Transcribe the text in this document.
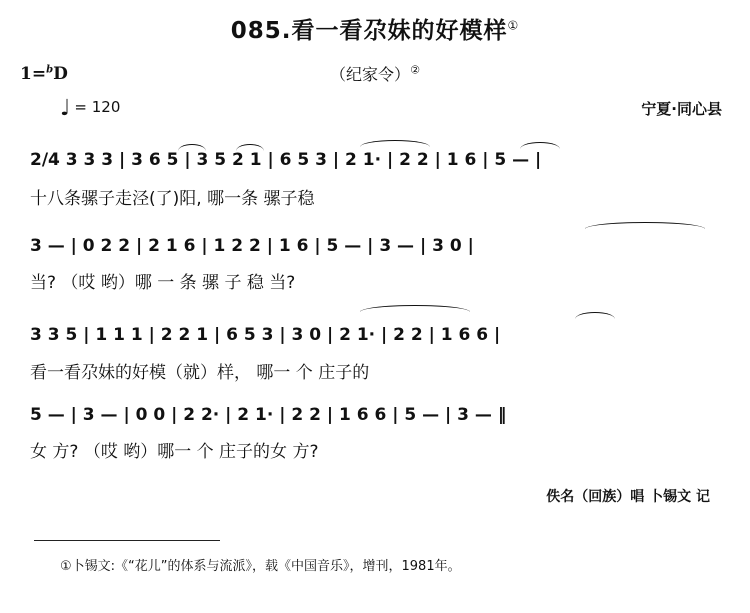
085.看一看尕妹的好模样①
（纪家令）②
1=$^b$D
♩ = 120	宁夏·同心县
2/4 3 3 3 | 3 6 5 | 3 5 2 1 | 6 5 3 | 2 1· | 2 2 | 1 6 | 5 — |
十八条骡子走泾(了)阳, 哪一条 骡子稳
3 — | 0 2 2 | 2 1 6 | 1 2 2 | 1 6 | 5 — | 3 — | 3 0 |
当? （哎 哟）哪 一 条 骡 子 稳 当?
3 3 5 | 1 1 1 | 2 2 1 | 6 5 3 | 3 0 | 2 1· | 2 2 | 1 6 6 |
看一看尕妹的好模（就）样， 哪一 个 庄子的
5 — | 3 — | 0 0 | 2 2· | 2 1· | 2 2 | 1 6 6 | 5 — | 3 — ‖
女 方? （哎 哟）哪一 个 庄子的女 方?
佚名（回族）唱 卜锡文 记
①卜锡文:《“花儿”的体系与流派》，载《中国音乐》，增刊，1981年。
